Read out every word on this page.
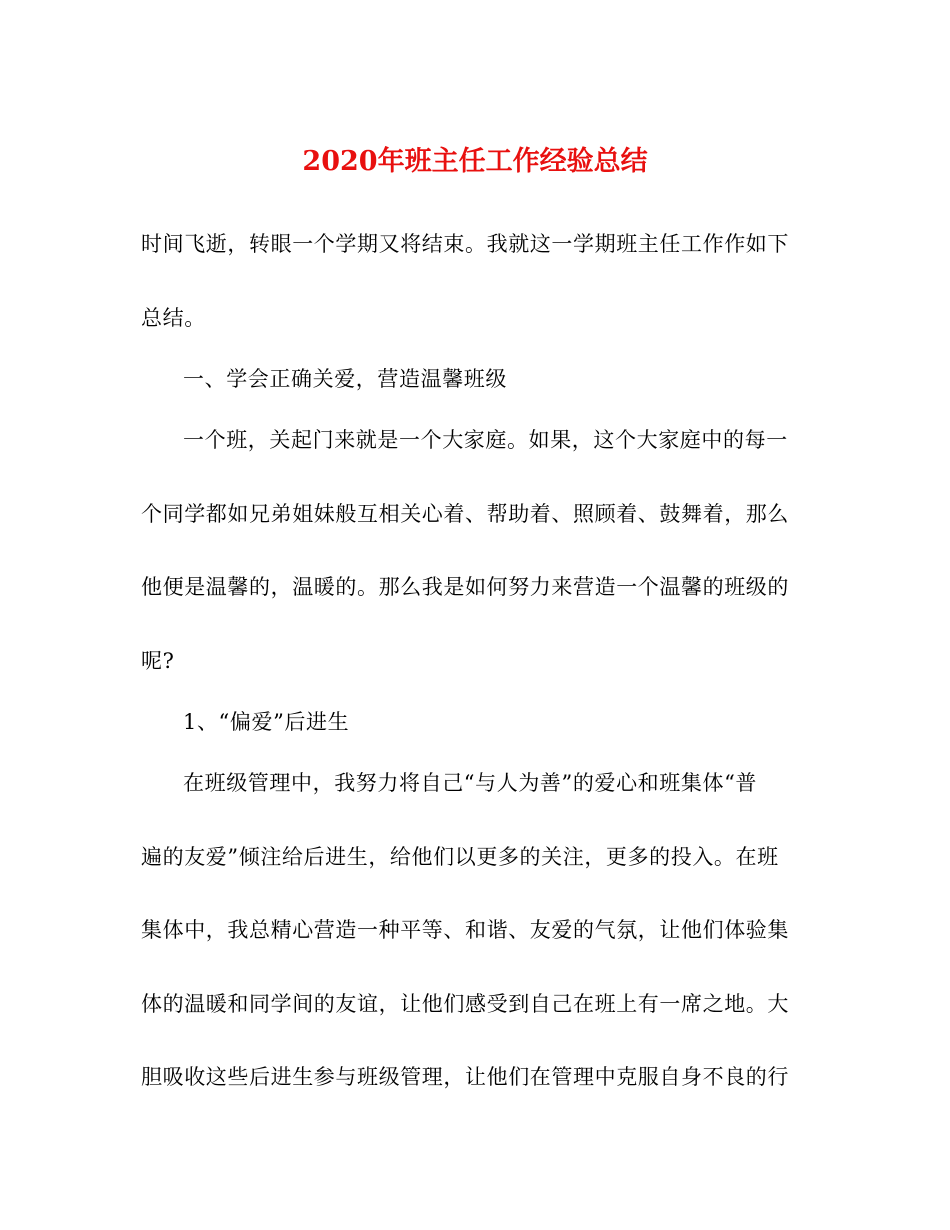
2020年班主任工作经验总结
时间飞逝，转眼一个学期又将结束。我就这一学期班主任工作作如下
总结。
一、学会正确关爱，营造温馨班级
一个班，关起门来就是一个大家庭。如果，这个大家庭中的每一
个同学都如兄弟姐妹般互相关心着、帮助着、照顾着、鼓舞着，那么
他便是温馨的，温暖的。那么我是如何努力来营造一个温馨的班级的
呢?
1、“偏爱”后进生
在班级管理中，我努力将自己“与人为善”的爱心和班集体“普
遍的友爱”倾注给后进生，给他们以更多的关注，更多的投入。在班
集体中，我总精心营造一种平等、和谐、友爱的气氛，让他们体验集
体的温暖和同学间的友谊，让他们感受到自己在班上有一席之地。大
胆吸收这些后进生参与班级管理，让他们在管理中克服自身不良的行
